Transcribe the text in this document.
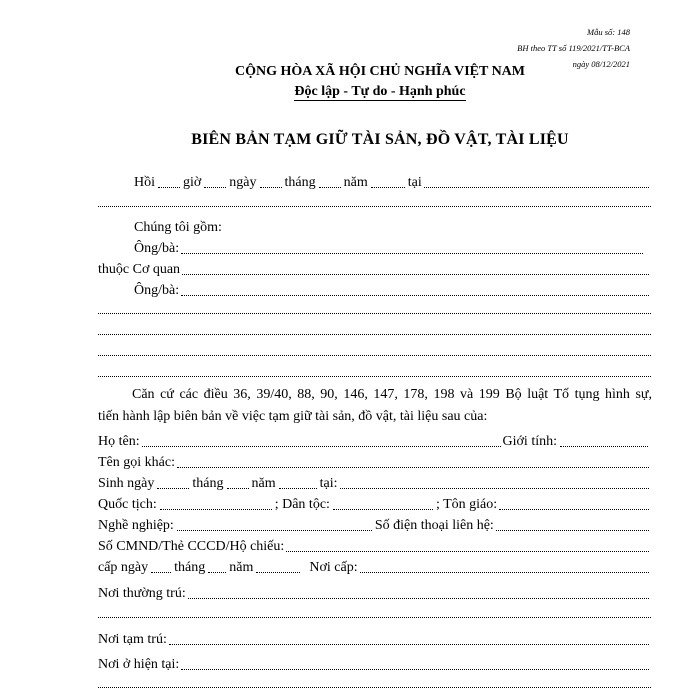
Mẫu số: 148
BH theo TT số 119/2021/TT-BCA
ngày 08/12/2021
CỘNG HÒA XÃ HỘI CHỦ NGHĨA VIỆT NAM
Độc lập - Tự do - Hạnh phúc
BIÊN BẢN TẠM GIỮ TÀI SẢN, ĐỒ VẬT, TÀI LIỆU
Hồi giờ ngày tháng năm	tại
Chúng tôi gồm:
Ông/bà:
thuộc Cơ quan
Ông/bà:
Căn cứ các điều 36, 39/40, 88, 90, 146, 147, 178, 198 và 199 Bộ luật Tố tụng hình sự,
tiến hành lập biên bản về việc tạm giữ tài sản, đồ vật, tài liệu sau của:
Họ tên:	Giới tính:
Tên gọi khác:
Sinh ngày	tháng năm	tại:
Quốc tịch:	; Dân tộc:	; Tôn giáo:
Nghề nghiệp:	Số điện thoại liên hệ:
Số CMND/Thẻ CCCD/Hộ chiếu:
cấp ngày tháng năm	Nơi cấp:
Nơi thường trú:
Nơi tạm trú:
Nơi ở hiện tại:
